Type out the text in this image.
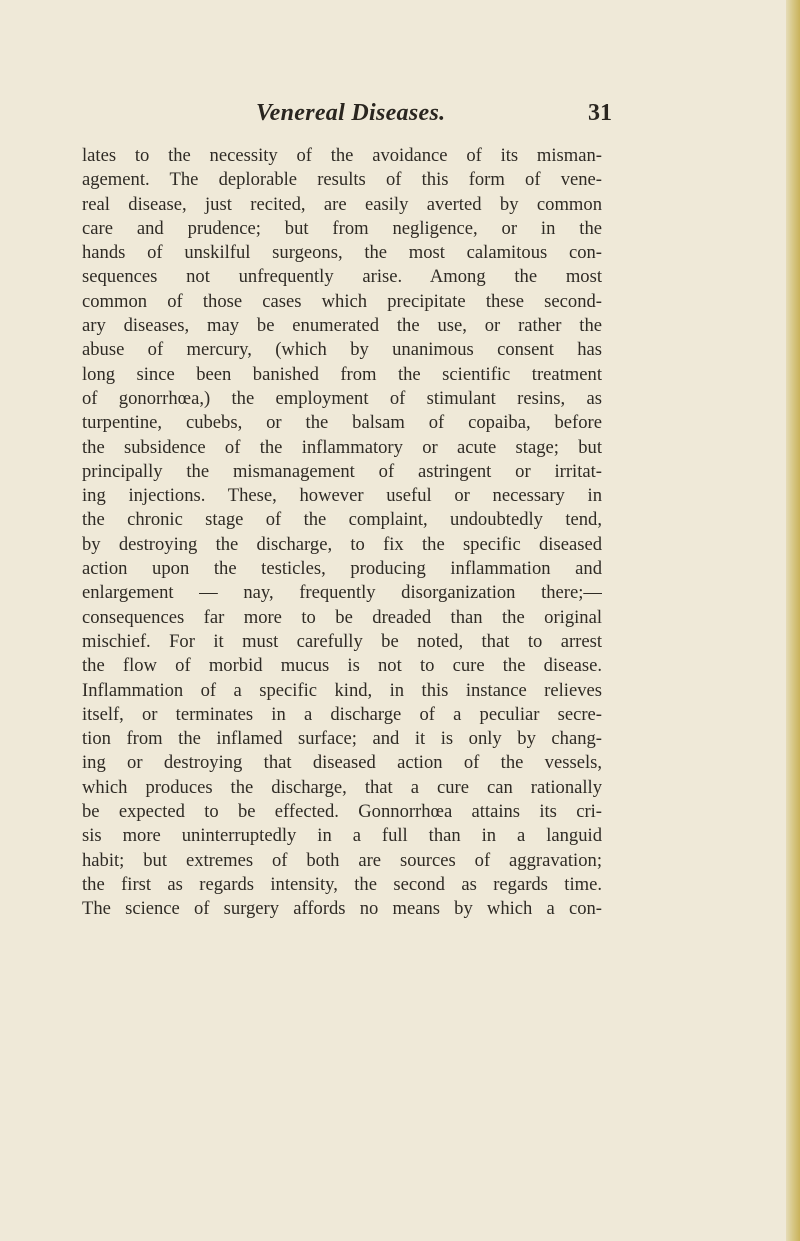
Venereal Diseases.	31
lates to the necessity of the avoidance of its misman-
agement. The deplorable results of this form of vene-
real disease, just recited, are easily averted by common
care and prudence; but from negligence, or in the
hands of unskilful surgeons, the most calamitous con-
sequences not unfrequently arise. Among the most
common of those cases which precipitate these second-
ary diseases, may be enumerated the use, or rather the
abuse of mercury, (which by unanimous consent has
long since been banished from the scientific treatment
of gonorrhœa,) the employment of stimulant resins, as
turpentine, cubebs, or the balsam of copaiba, before
the subsidence of the inflammatory or acute stage; but
principally the mismanagement of astringent or irritat-
ing injections. These, however useful or necessary in
the chronic stage of the complaint, undoubtedly tend,
by destroying the discharge, to fix the specific diseased
action upon the testicles, producing inflammation and
enlargement — nay, frequently disorganization there;—
consequences far more to be dreaded than the original
mischief. For it must carefully be noted, that to arrest
the flow of morbid mucus is not to cure the disease.
Inflammation of a specific kind, in this instance relieves
itself, or terminates in a discharge of a peculiar secre-
tion from the inflamed surface; and it is only by chang-
ing or destroying that diseased action of the vessels,
which produces the discharge, that a cure can rationally
be expected to be effected. Gonnorrhœa attains its cri-
sis more uninterruptedly in a full than in a languid
habit; but extremes of both are sources of aggravation;
the first as regards intensity, the second as regards time.
The science of surgery affords no means by which a con-
